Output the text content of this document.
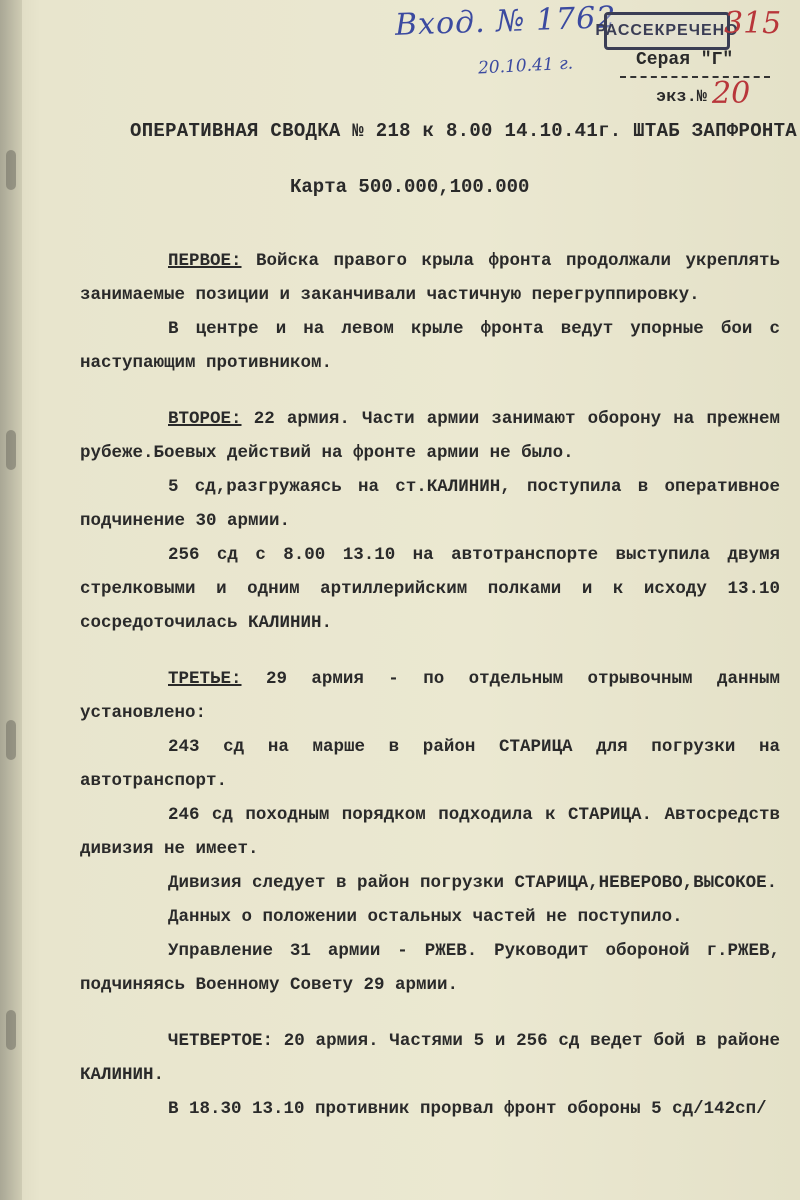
Вход. № 1762
20.10.41 г.
РАССЕКРЕЧЕНО
315
Серая "Г"
экз.№ 20
ОПЕРАТИВНАЯ СВОДКА № 218 к 8.00 14.10.41г. ШТАБ ЗАПФРОНТА
Карта 500.000,100.000

ПЕРВОЕ: Войска правого крыла фронта продолжали укреплять занимаемые позиции и заканчивали частичную перегруппировку.

В центре и на левом крыле фронта ведут упорные бои с наступающим противником.

ВТОРОЕ: 22 армия. Части армии занимают оборону на прежнем рубеже.Боевых действий на фронте армии не было.

5 сд,разгружаясь на ст.КАЛИНИН, поступила в оперативное подчинение 30 армии.

256 сд с 8.00 13.10 на автотранспорте выступила двумя стрелковыми и одним артиллерийским полками и к исходу 13.10 сосредоточилась КАЛИНИН.

ТРЕТЬЕ: 29 армия - по отдельным отрывочным данным установлено:

243 сд на марше в район СТАРИЦА для погрузки на автотранспорт.

246 сд походным порядком подходила к СТАРИЦА. Автосредств дивизия не имеет.

Дивизия следует в район погрузки СТАРИЦА,НЕВЕРОВО,ВЫСОКОЕ.

Данных о положении остальных частей не поступило.

Управление 31 армии - РЖЕВ. Руководит обороной г.РЖЕВ, подчиняясь Военному Совету 29 армии.

ЧЕТВЕРТОЕ: 20 армия. Частями 5 и 256 сд ведет бой в районе КАЛИНИН.

В 18.30 13.10 противник прорвал фронт обороны 5 сд/142сп/
